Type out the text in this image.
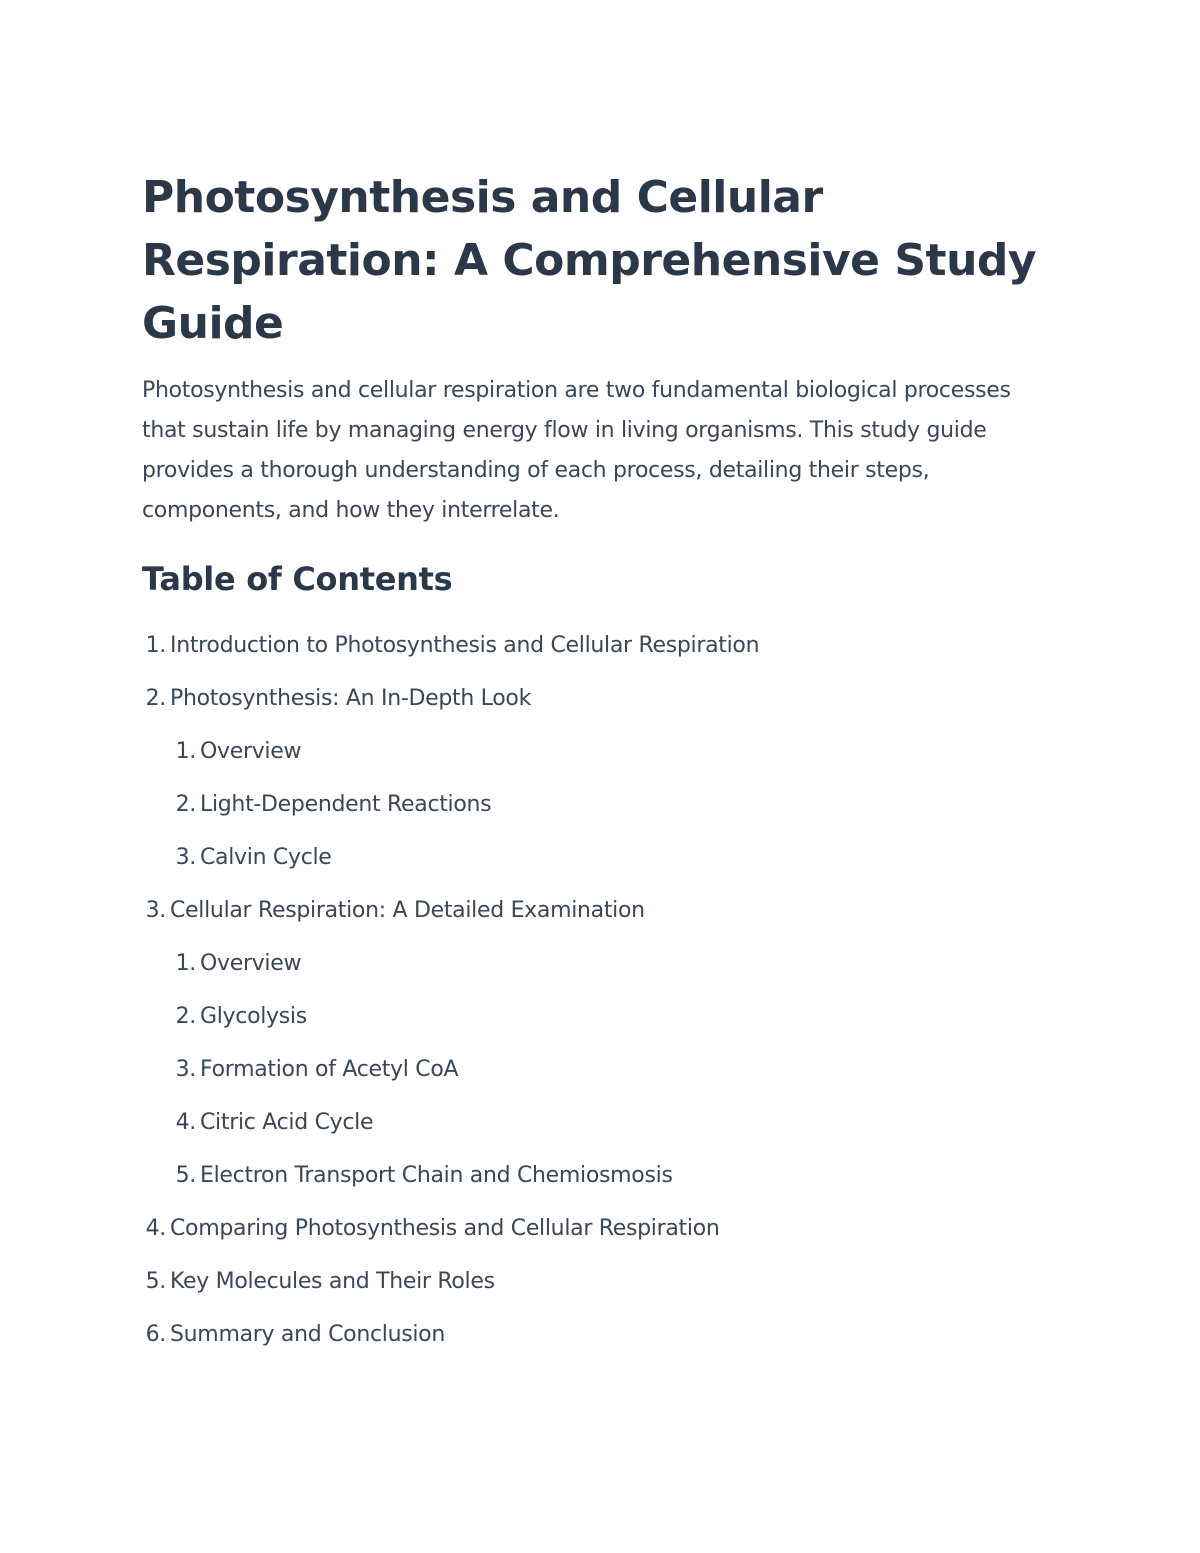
Photosynthesis and Cellular Respiration: A Comprehensive Study Guide

Photosynthesis and cellular respiration are two fundamental biological processes that sustain life by managing energy flow in living organisms. This study guide provides a thorough understanding of each process, detailing their steps, components, and how they interrelate.

Table of Contents
1. Introduction to Photosynthesis and Cellular Respiration
2. Photosynthesis: An In-Depth Look
1. Overview
2. Light-Dependent Reactions
3. Calvin Cycle
3. Cellular Respiration: A Detailed Examination
1. Overview
2. Glycolysis
3. Formation of Acetyl CoA
4. Citric Acid Cycle
5. Electron Transport Chain and Chemiosmosis
4. Comparing Photosynthesis and Cellular Respiration
5. Key Molecules and Their Roles
6. Summary and Conclusion
